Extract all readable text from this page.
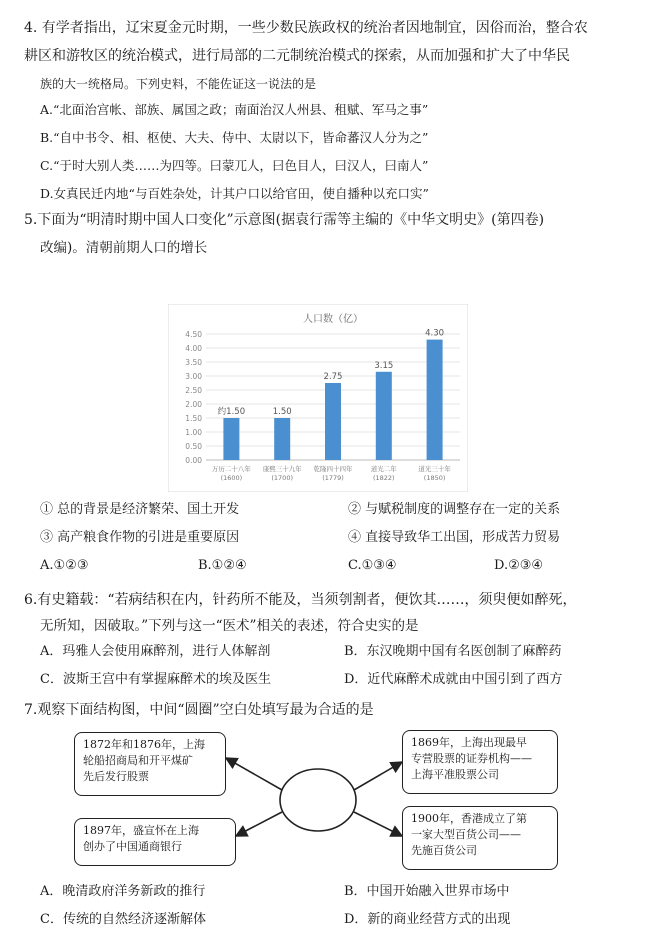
4. 有学者指出，辽宋夏金元时期，一些少数民族政权的统治者因地制宜，因俗而治，整合农
耕区和游牧区的统治模式，进行局部的二元制统治模式的探索，从而加强和扩大了中华民
族的大一统格局。下列史料，不能佐证这一说法的是
A.“北面治宫帐、部族、属国之政；南面治汉人州县、租赋、军马之事”
B.“自中书令、相、枢使、大夫、侍中、太尉以下，皆命蕃汉人分为之”
C.“于时大别人类……为四等。曰蒙兀人，曰色目人，曰汉人，曰南人”
D.女真民迁内地“与百姓杂处，计其户口以给官田，使自播种以充口实”
5.下面为“明清时期中国人口变化”示意图(据袁行霈等主编的《中华文明史》(第四卷)
改编)。清朝前期人口的增长
人口数（亿）
0.00
0.50
1.00
1.50
2.00
2.50
3.00
3.50
4.00
4.50
约1.50
万历二十八年
(1600)
1.50
康熙三十九年
(1700)
2.75
乾隆四十四年
(1779)
3.15
道光二年
(1822)
4.30
道光三十年
(1850)
① 总的背景是经济繁荣、国土开发	② 与赋税制度的调整存在一定的关系
③ 高产粮食作物的引进是重要原因	④ 直接导致华工出国，形成苦力贸易
A.①②③	B.①②④	C.①③④	D.②③④
6.有史籍载：“若病结积在内，针药所不能及，当须刳割者，便饮其……，须臾便如醉死，
无所知，因破取。”下列与这一“医术”相关的表述，符合史实的是
A．玛雅人会使用麻醉剂，进行人体解剖	B．东汉晚期中国有名医创制了麻醉药
C．波斯王宫中有掌握麻醉术的埃及医生	D．近代麻醉术成就由中国引到了西方
7.观察下面结构图，中间“圆圈”空白处填写最为合适的是
1872年和1876年，上海
轮船招商局和开平煤矿
先后发行股票
1897年，盛宣怀在上海
创办了中国通商银行
1869年，上海出现最早
专营股票的证券机构——
上海平准股票公司
1900年，香港成立了第
一家大型百货公司——
先施百货公司
A．晚清政府洋务新政的推行	B．中国开始融入世界市场中
C．传统的自然经济逐渐解体	D．新的商业经营方式的出现
